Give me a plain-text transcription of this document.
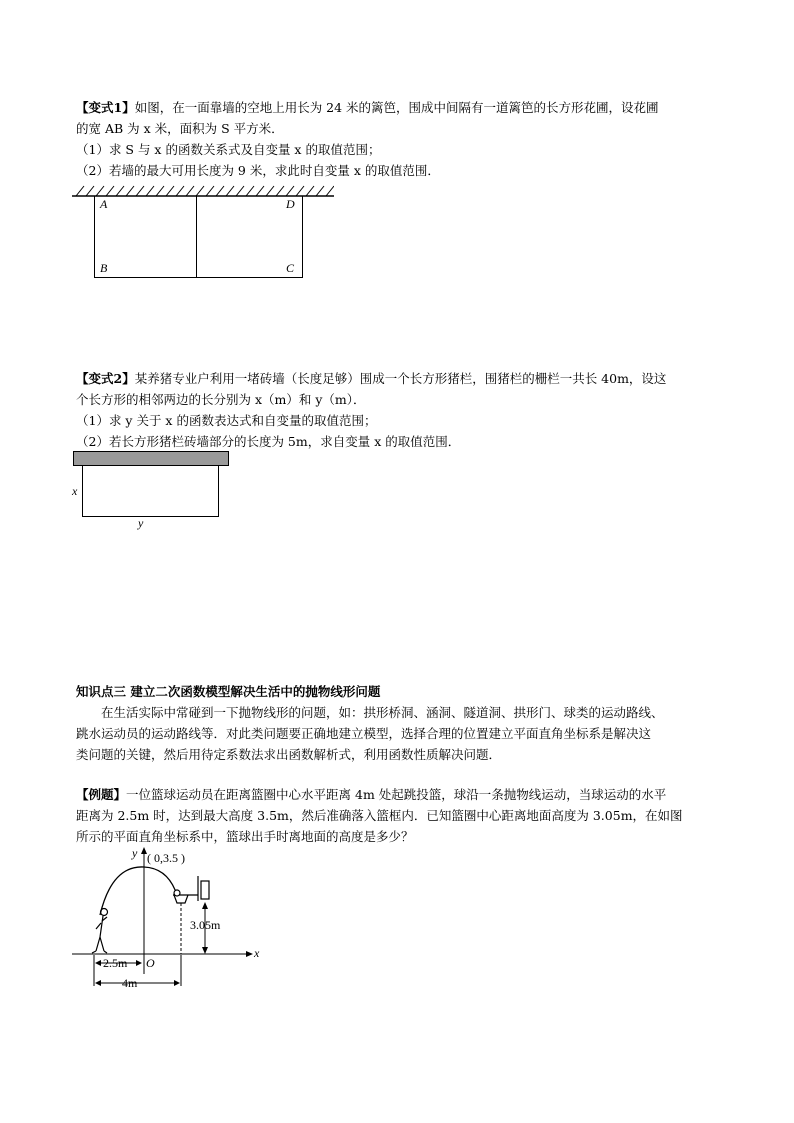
【变式1】如图，在一面靠墙的空地上用长为 24 米的篱笆，围成中间隔有一道篱笆的长方形花圃，设花圃
的宽 AB 为 x 米，面积为 S 平方米．
（1）求 S 与 x 的函数关系式及自变量 x 的取值范围；
（2）若墙的最大可用长度为 9 米，求此时自变量 x 的取值范围．
A	D
B	C
【变式2】某养猪专业户利用一堵砖墙（长度足够）围成一个长方形猪栏，围猪栏的栅栏一共长 40m，设这
个长方形的相邻两边的长分别为 x（m）和 y（m）．
（1）求 y 关于 x 的函数表达式和自变量的取值范围；
（2）若长方形猪栏砖墙部分的长度为 5m，求自变量 x 的取值范围．
x
y
知识点三 建立二次函数模型解决生活中的抛物线形问题
在生活实际中常碰到一下抛物线形的问题，如：拱形桥洞、涵洞、隧道洞、拱形门、球类的运动路线、
跳水运动员的运动路线等．对此类问题要正确地建立模型，选择合理的位置建立平面直角坐标系是解决这
类问题的关键，然后用待定系数法求出函数解析式，利用函数性质解决问题．
【例题】一位篮球运动员在距离篮圈中心水平距离 4m 处起跳投篮，球沿一条抛物线运动，当球运动的水平
距离为 2.5m 时，达到最大高度 3.5m，然后准确落入篮框内．已知篮圈中心距离地面高度为 3.05m，在如图
所示的平面直角坐标系中，篮球出手时离地面的高度是多少？
y ( 0,3.5 )
3.05m
x
O
2.5m
4m
